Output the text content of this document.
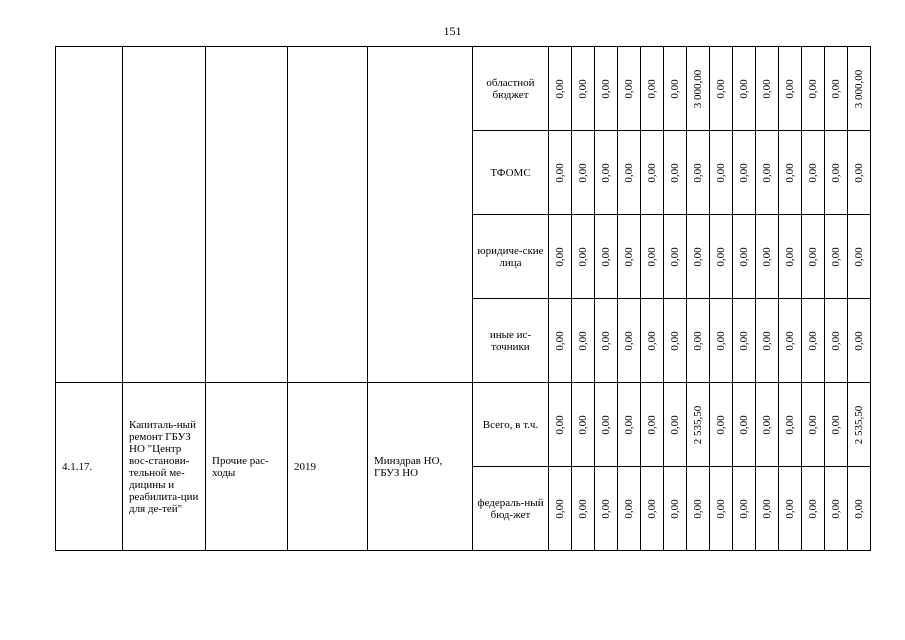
151
					областной бюджет	0,00	0,00	0,00	0,00	0,00	0,00	3 000,00	0,00	0,00	0,00	0,00	0,00	0,00	3 000,00

					ТФОМС	0,00	0,00	0,00	0,00	0,00	0,00	0,00	0,00	0,00	0,00	0,00	0,00	0,00	0,00

					юридиче-ские лица	0,00	0,00	0,00	0,00	0,00	0,00	0,00	0,00	0,00	0,00	0,00	0,00	0,00	0,00

					иные ис-точники	0,00	0,00	0,00	0,00	0,00	0,00	0,00	0,00	0,00	0,00	0,00	0,00	0,00	0,00

4.1.17.	Капиталь-ный ремонт ГБУЗ НО "Центр вос-станови-тельной ме-дицины и реабилита-ции для де-тей"	Прочие рас-ходы	2019	Минздрав НО, ГБУЗ НО	Всего, в т.ч.	0,00	0,00	0,00	0,00	0,00	0,00	2 535,50	0,00	0,00	0,00	0,00	0,00	0,00	2 535,50

					федераль-ный бюд-жет	0,00	0,00	0,00	0,00	0,00	0,00	0,00	0,00	0,00	0,00	0,00	0,00	0,00	0,00
